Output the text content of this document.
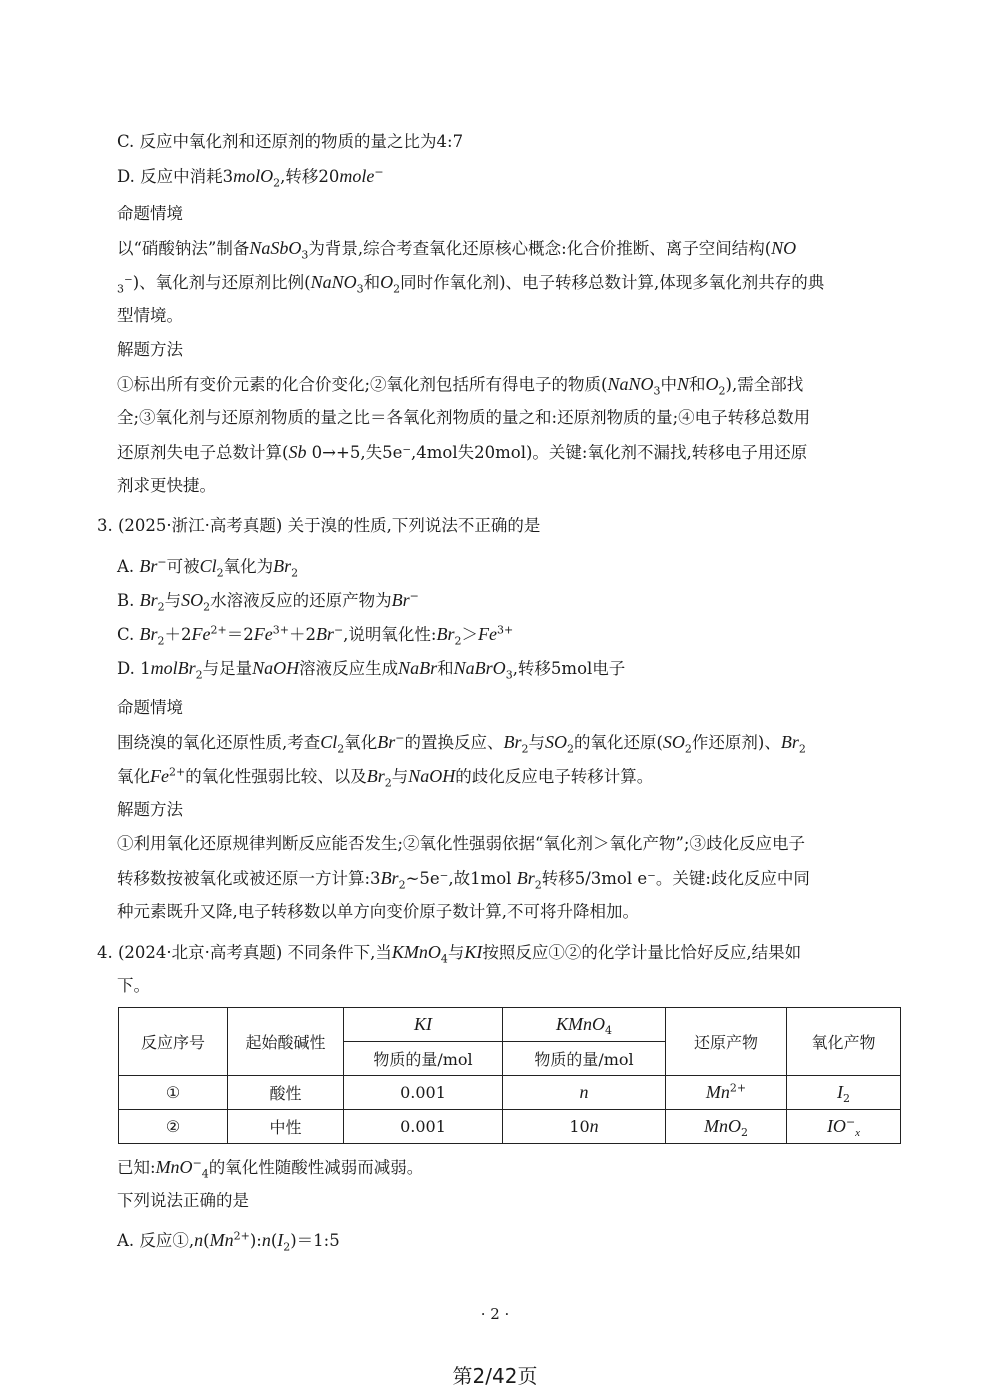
C. 反应中氧化剂和还原剂的物质的量之比为4:7
D. 反应中消耗3molO$_2$,转移20mole−
命题情境
以“硝酸钠法”制备NaSbO$_3$为背景,综合考查氧化还原核心概念:化合价推断、离子空间结构(NO
$_3$⁻)、氧化剂与还原剂比例(NaNO$_3$和$O_2$同时作氧化剂)、电子转移总数计算,体现多氧化剂共存的典
型情境。
解题方法
①标出所有变价元素的化合价变化;②氧化剂包括所有得电子的物质(NaNO$_3$中N和$O_2$),需全部找
全;③氧化剂与还原剂物质的量之比＝各氧化剂物质的量之和:还原剂物质的量;④电子转移总数用
还原剂失电子总数计算(Sb 0→+5,失5e⁻,4mol失20mol)。关键:氧化剂不漏找,转移电子用还原
剂求更快捷。
3. (2025·浙江·高考真题) 关于溴的性质,下列说法不正确的是
A. Br−可被$Cl_2$氧化为$Br_2$
B. $Br_2$与$SO_2$水溶液反应的还原产物为Br−
C. $Br_2+2Fe^{2+}=2Fe^{3+}+2Br^-$,说明氧化性$:Br_2>Fe^{3+}$
D. 1molBr$_2$与足量NaOH溶液反应生成NaBr和NaBrO$_3$,转移5mol电子
命题情境
围绕溴的氧化还原性质,考查$Cl_2$氧化Br−的置换反应、$Br_2$与$SO_2$的氧化还原($SO_2$作还原剂)、$Br_2$
氧化$Fe^{2+}$的氧化性强弱比较、以及$Br_2$与NaOH的歧化反应电子转移计算。
解题方法
①利用氧化还原规律判断反应能否发生;②氧化性强弱依据“氧化剂＞氧化产物”;③歧化反应电子
转移数按被氧化或被还原一方计算$:3Br_2\sim 5e^-$,故1mol $Br_2$转移5/3mol e⁻。关键:歧化反应中同
种元素既升又降,电子转移数以单方向变价原子数计算,不可将升降相加。
4. (2024·北京·高考真题) 不同条件下,当KMnO$_4$与KI按照反应①②的化学计量比恰好反应,结果如
下。
反应序号	起始酸碱性	KI	KMnO$_4$	还原产物	氧化产物
		物质的量/mol	物质的量/mol		
①	酸性	0.001	n	$Mn^{2+}$	$I_2$
②	中性	0.001	10n	MnO$_2$	$IO^-_x$
已知:MnO−$_4$的氧化性随酸性减弱而减弱。
下列说法正确的是
A. 反应$①,n(Mn^{2+}):n(I_2)=1:5$
· 2 ·
第2/42页
